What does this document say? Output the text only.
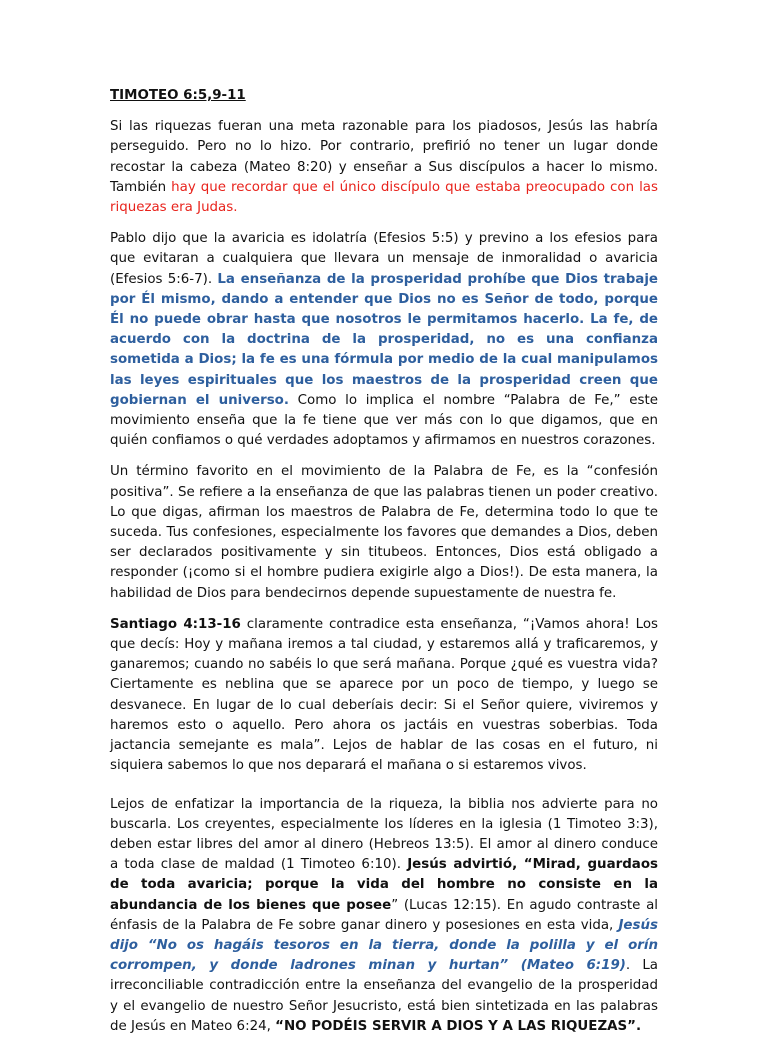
TIMOTEO 6:5,9-11

Si las riquezas fueran una meta razonable para los piadosos, Jesús las habría perseguido. Pero no lo hizo. Por contrario, prefirió no tener un lugar donde recostar la cabeza (Mateo 8:20) y enseñar a Sus discípulos a hacer lo mismo. También hay que recordar que el único discípulo que estaba preocupado con las riquezas era Judas.

Pablo dijo que la avaricia es idolatría (Efesios 5:5) y previno a los efesios para que evitaran a cualquiera que llevara un mensaje de inmoralidad o avaricia (Efesios 5:6-7). La enseñanza de la prosperidad prohíbe que Dios trabaje por Él mismo, dando a entender que Dios no es Señor de todo, porque Él no puede obrar hasta que nosotros le permitamos hacerlo. La fe, de acuerdo con la doctrina de la prosperidad, no es una confianza sometida a Dios; la fe es una fórmula por medio de la cual manipulamos las leyes espirituales que los maestros de la prosperidad creen que gobiernan el universo. Como lo implica el nombre “Palabra de Fe,” este movimiento enseña que la fe tiene que ver más con lo que digamos, que en quién confiamos o qué verdades adoptamos y afirmamos en nuestros corazones.

Un término favorito en el movimiento de la Palabra de Fe, es la “confesión positiva”. Se refiere a la enseñanza de que las palabras tienen un poder creativo. Lo que digas, afirman los maestros de Palabra de Fe, determina todo lo que te suceda. Tus confesiones, especialmente los favores que demandes a Dios, deben ser declarados positivamente y sin titubeos. Entonces, Dios está obligado a responder (¡como si el hombre pudiera exigirle algo a Dios!). De esta manera, la habilidad de Dios para bendecirnos depende supuestamente de nuestra fe.

Santiago 4:13-16 claramente contradice esta enseñanza, “¡Vamos ahora! Los que decís: Hoy y mañana iremos a tal ciudad, y estaremos allá y traficaremos, y ganaremos; cuando no sabéis lo que será mañana. Porque ¿qué es vuestra vida? Ciertamente es neblina que se aparece por un poco de tiempo, y luego se desvanece. En lugar de lo cual deberíais decir: Si el Señor quiere, viviremos y haremos esto o aquello. Pero ahora os jactáis en vuestras soberbias. Toda jactancia semejante es mala”. Lejos de hablar de las cosas en el futuro, ni siquiera sabemos lo que nos deparará el mañana o si estaremos vivos.

Lejos de enfatizar la importancia de la riqueza, la biblia nos advierte para no buscarla. Los creyentes, especialmente los líderes en la iglesia (1 Timoteo 3:3), deben estar libres del amor al dinero (Hebreos 13:5). El amor al dinero conduce a toda clase de maldad (1 Timoteo 6:10). Jesús advirtió, “Mirad, guardaos de toda avaricia; porque la vida del hombre no consiste en la abundancia de los bienes que posee” (Lucas 12:15). En agudo contraste al énfasis de la Palabra de Fe sobre ganar dinero y posesiones en esta vida, Jesús dijo “No os hagáis tesoros en la tierra, donde la polilla y el orín corrompen, y donde ladrones minan y hurtan” (Mateo 6:19). La irreconciliable contradicción entre la enseñanza del evangelio de la prosperidad y el evangelio de nuestro Señor Jesucristo, está bien sintetizada en las palabras de Jesús en Mateo 6:24, “NO PODÉIS SERVIR A DIOS Y A LAS RIQUEZAS”.
